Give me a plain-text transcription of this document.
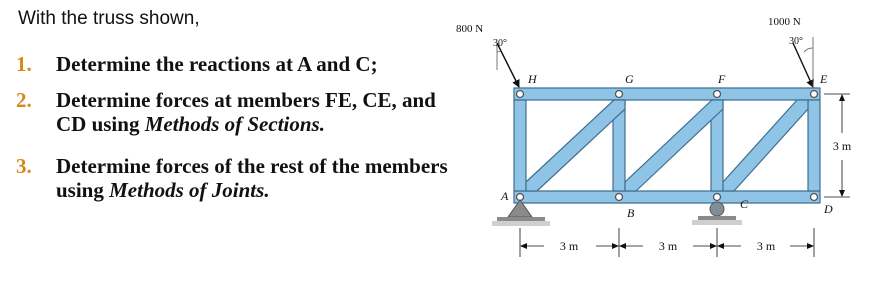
With the truss shown,
1. Determine the reactions at A and C;
2. Determine forces at members FE, CE, and CD using Methods of Sections.
3. Determine forces of the rest of the members using Methods of Joints.
800 N
30°
1000 N
30°
H	G	F	E
A
B
C	D
3 m	3 m	3 m
3 m
